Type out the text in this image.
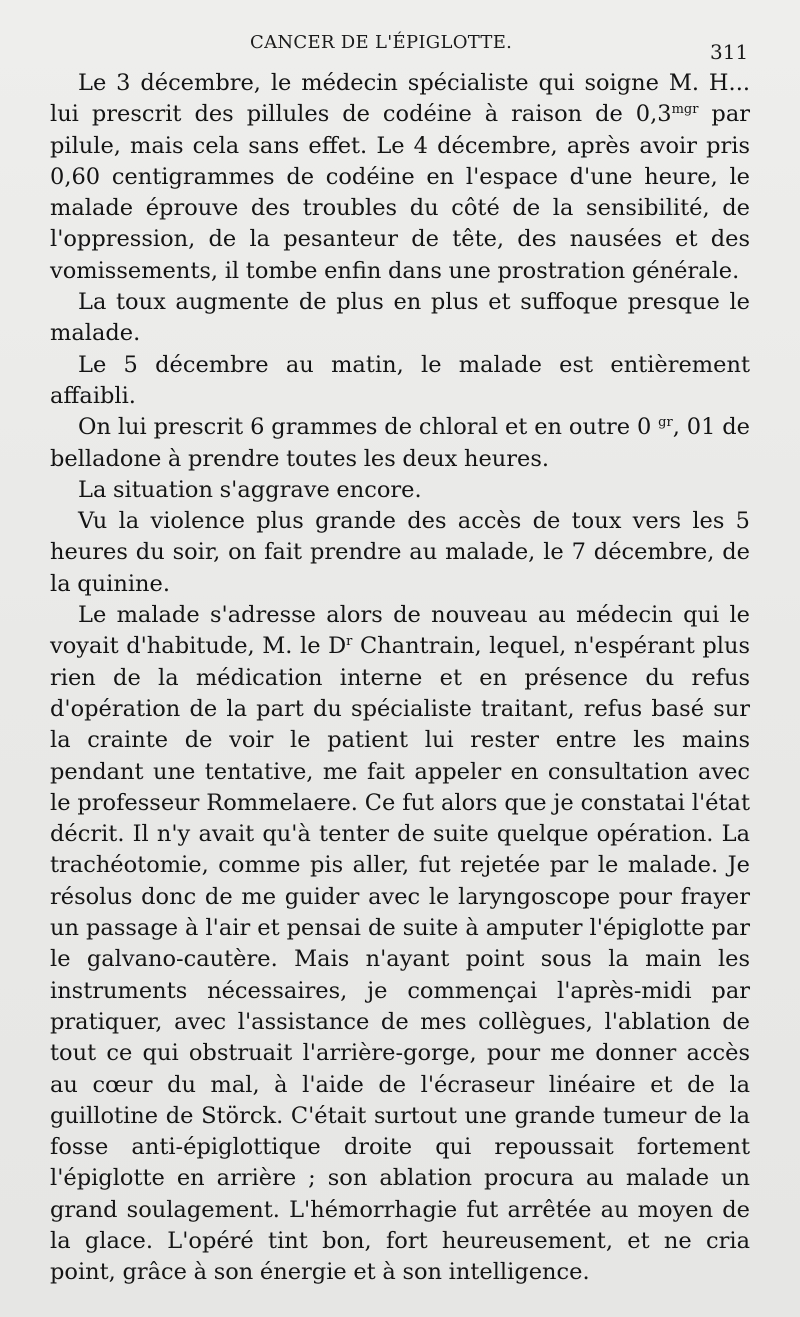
CANCER DE L'ÉPIGLOTTE.	311

Le 3 décembre, le médecin spécialiste qui soigne M. H... lui prescrit des pillules de codéine à raison de $0,3^{mgr}$ par pilule, mais cela sans effet. Le 4 décembre, après avoir pris 0,60 centigrammes de codéine en l'espace d'une heure, le malade éprouve des troubles du côté de la sensibilité, de l'oppression, de la pesanteur de tête, des nausées et des vomissements, il tombe enfin dans une prostration générale.

La toux augmente de plus en plus et suffoque presque le malade.

Le 5 décembre au matin, le malade est entièrement affaibli.

On lui prescrit 6 grammes de chloral et en outre 0 $^{gr}$, 01 de belladone à prendre toutes les deux heures.

La situation s'aggrave encore.

Vu la violence plus grande des accès de toux vers les 5 heures du soir, on fait prendre au malade, le 7 décembre, de la quinine.

Le malade s'adresse alors de nouveau au médecin qui le voyait d'habitude, M. le $D^r$ Chantrain, lequel, n'espérant plus rien de la médication interne et en présence du refus d'opération de la part du spécialiste traitant, refus basé sur la crainte de voir le patient lui rester entre les mains pendant une tentative, me fait appeler en consultation avec le professeur Rommelaere. Ce fut alors que je constatai l'état décrit. Il n'y avait qu'à tenter de suite quelque opération. La trachéotomie, comme pis aller, fut rejetée par le malade. Je résolus donc de me guider avec le laryngoscope pour frayer un passage à l'air et pensai de suite à amputer l'épiglotte par le galvano-cautère. Mais n'ayant point sous la main les instruments nécessaires, je commençai l'après-midi par pratiquer, avec l'assistance de mes collègues, l'ablation de tout ce qui obstruait l'arrière-gorge, pour me donner accès au cœur du mal, à l'aide de l'écraseur linéaire et de la guillotine de Störck. C'était surtout une grande tumeur de la fosse anti-épiglottique droite qui repoussait fortement l'épiglotte en arrière ; son ablation procura au malade un grand soulagement. L'hémorrhagie fut arrêtée au moyen de la glace. L'opéré tint bon, fort heureusement, et ne cria point, grâce à son énergie et à son intelligence.
